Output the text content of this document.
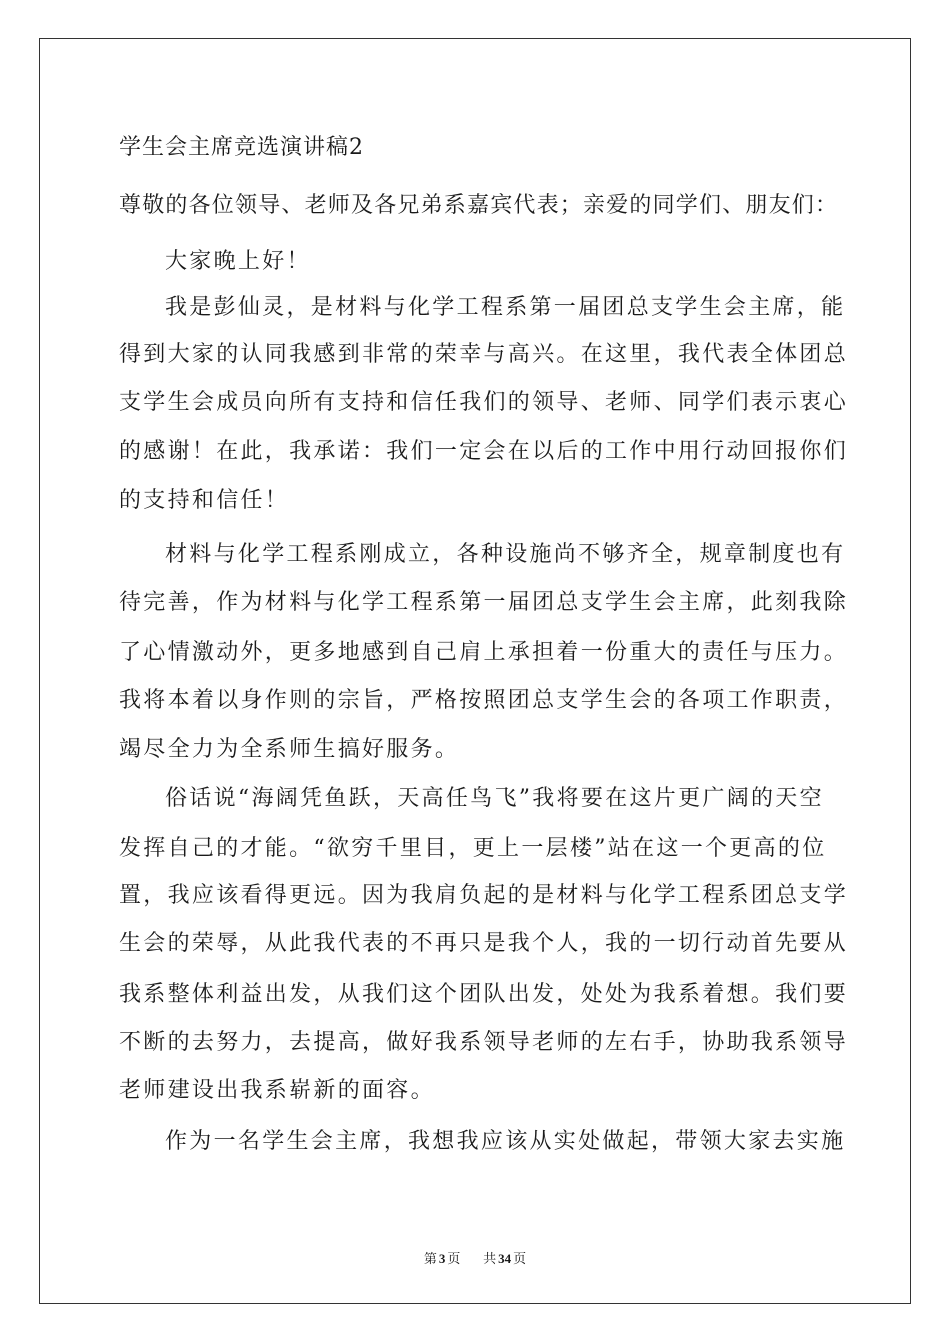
学生会主席竞选演讲稿2
尊敬的各位领导、老师及各兄弟系嘉宾代表；亲爱的同学们、朋友们：
大家晚上好！
我是彭仙灵，是材料与化学工程系第一届团总支学生会主席，能
得到大家的认同我感到非常的荣幸与高兴。在这里，我代表全体团总
支学生会成员向所有支持和信任我们的领导、老师、同学们表示衷心
的感谢！在此，我承诺：我们一定会在以后的工作中用行动回报你们
的支持和信任！
材料与化学工程系刚成立，各种设施尚不够齐全，规章制度也有
待完善，作为材料与化学工程系第一届团总支学生会主席，此刻我除
了心情激动外，更多地感到自己肩上承担着一份重大的责任与压力。
我将本着以身作则的宗旨，严格按照团总支学生会的各项工作职责，
竭尽全力为全系师生搞好服务。
俗话说“海阔凭鱼跃，天高任鸟飞”我将要在这片更广阔的天空
发挥自己的才能。“欲穷千里目，更上一层楼”站在这一个更高的位
置，我应该看得更远。因为我肩负起的是材料与化学工程系团总支学
生会的荣辱，从此我代表的不再只是我个人，我的一切行动首先要从
我系整体利益出发，从我们这个团队出发，处处为我系着想。我们要
不断的去努力，去提高，做好我系领导老师的左右手，协助我系领导
老师建设出我系崭新的面容。
作为一名学生会主席，我想我应该从实处做起，带领大家去实施
第 3 页 共 34 页
